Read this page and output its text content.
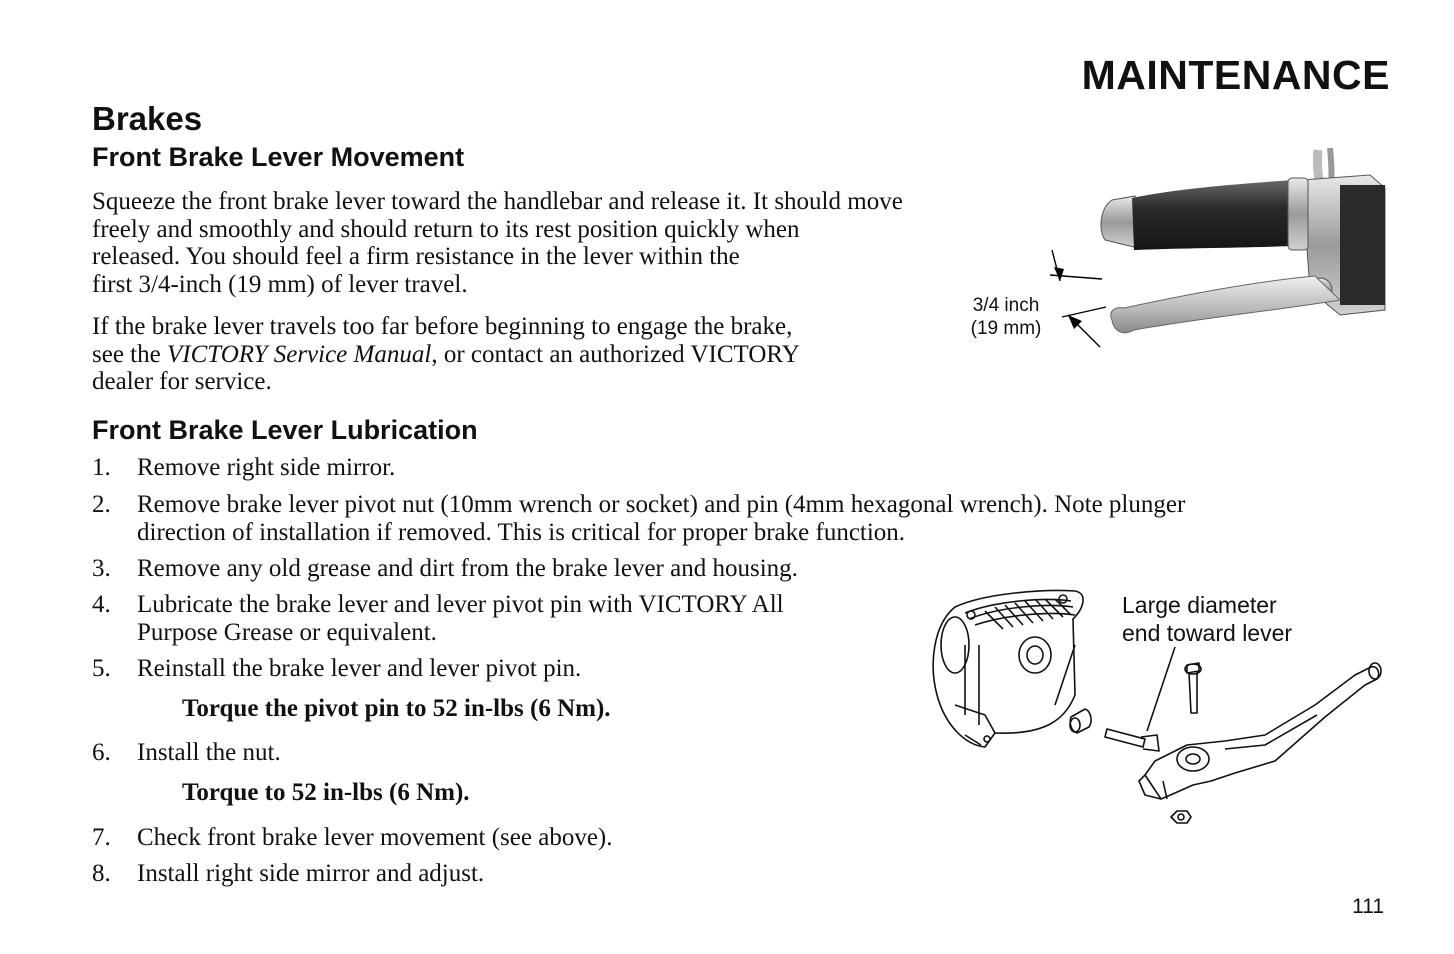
MAINTENANCE
Brakes
Front Brake Lever Movement
Squeeze the front brake lever toward the handlebar and release it. It should move
freely and smoothly and should return to its rest position quickly when
released. You should feel a firm resistance in the lever within the
first 3/4-inch (19 mm) of lever travel.
If the brake lever travels too far before beginning to engage the brake,
see the VICTORY Service Manual, or contact an authorized VICTORY
dealer for service.
3/4 inch
(19 mm)
Front Brake Lever Lubrication
1. Remove right side mirror.
2. Remove brake lever pivot nut (10mm wrench or socket) and pin (4mm hexagonal wrench). Note plunger
direction of installation if removed. This is critical for proper brake function.
3. Remove any old grease and dirt from the brake lever and housing.
4. Lubricate the brake lever and lever pivot pin with VICTORY All
Purpose Grease or equivalent.
5. Reinstall the brake lever and lever pivot pin.
Torque the pivot pin to 52 in-lbs (6 Nm).
6. Install the nut.
Torque to 52 in-lbs (6 Nm).
7. Check front brake lever movement (see above).
8. Install right side mirror and adjust.
Large diameter
end toward lever
111
